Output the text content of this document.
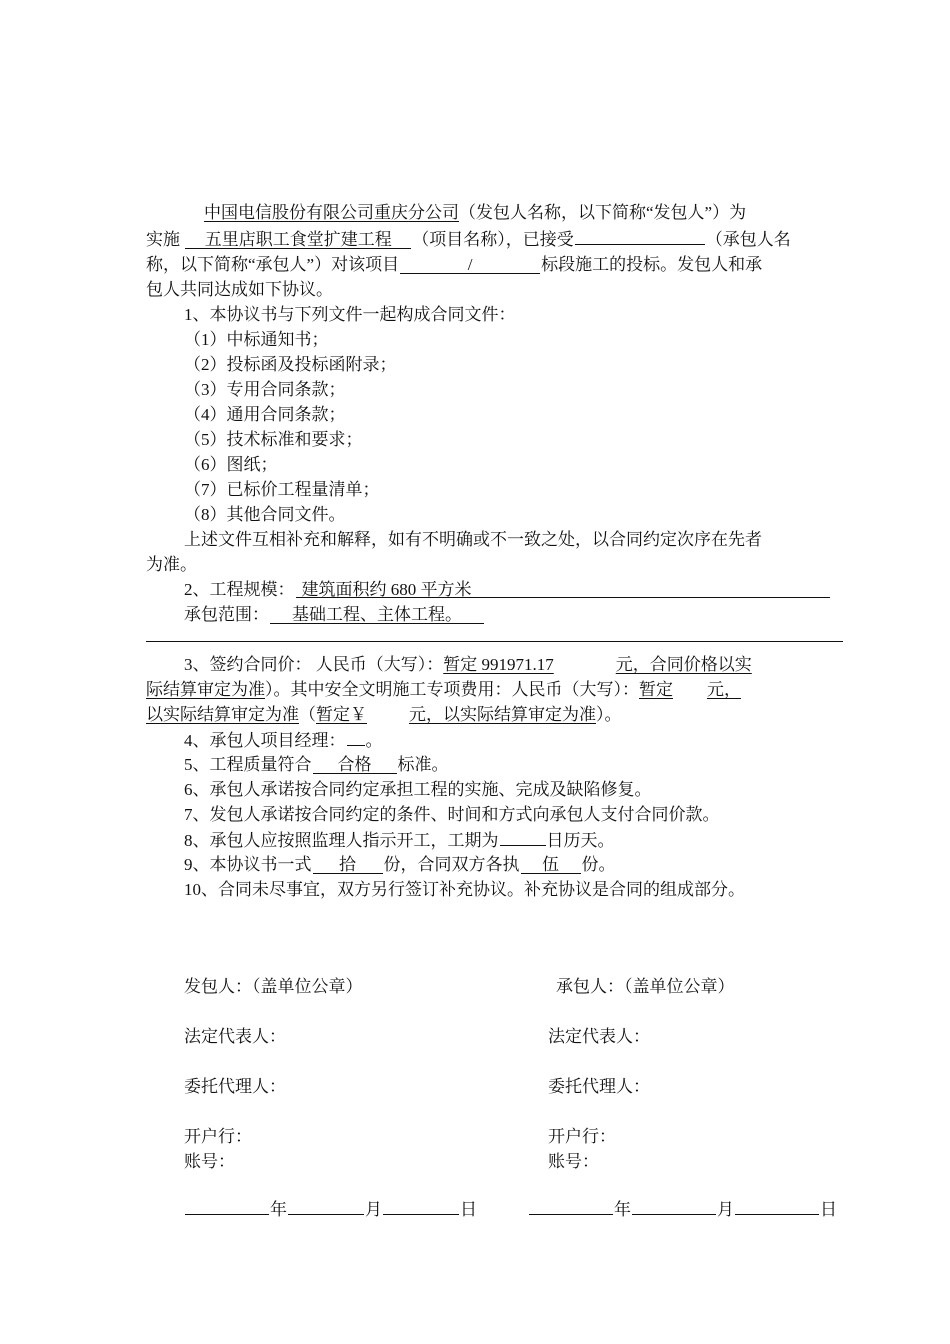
中国电信股份有限公司重庆分公司（发包人名称，以下简称“发包人”）为
实施 五里店职工食堂扩建工程 （项目名称），已接受	（承包人名
称，以下简称“承包人”）对该项目	/	标段施工的投标。发包人和承
包人共同达成如下协议。
1、本协议书与下列文件一起构成合同文件：
（1）中标通知书；
（2）投标函及投标函附录；
（3）专用合同条款；
（4）通用合同条款；
（5）技术标准和要求；
（6）图纸；
（7）已标价工程量清单；
（8）其他合同文件。
上述文件互相补充和解释，如有不明确或不一致之处，以合同约定次序在先者
为准。
2、工程规模： 建筑面积约 680 平方米
承包范围： 基础工程、主体工程。
3、签约合同价： 人民币（大写）：暂定 991971.17	元，合同价格以实
际结算审定为准）。其中安全文明施工专项费用：人民币（大写）：暂定 元，
以实际结算审定为准（暂定￥ 元，以实际结算审定为准）。
4、承包人项目经理： 。
5、工程质量符合 合格 标准。
6、承包人承诺按合同约定承担工程的实施、完成及缺陷修复。
7、发包人承诺按合同约定的条件、时间和方式向承包人支付合同价款。
8、承包人应按照监理人指示开工，工期为	日历天。
9、本协议书一式 拾 份，合同双方各执 伍 份。
10、合同未尽事宜，双方另行签订补充协议。补充协议是合同的组成部分。
发包人：（盖单位公章）	承包人：（盖单位公章）
法定代表人：	法定代表人：
委托代理人：	委托代理人：
开户行：	开户行：
账号：	账号：
年	月	日	年	月	日
